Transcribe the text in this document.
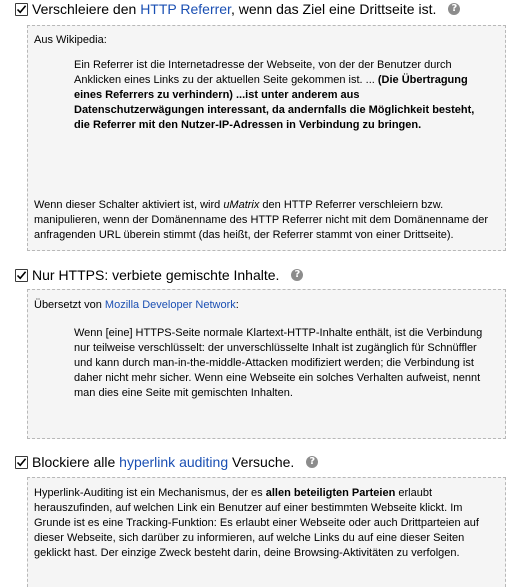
Verschleiere den HTTP Referrer, wenn das Ziel eine Drittseite ist.	?
Aus Wikipedia:
Ein Referrer ist die Internetadresse der Webseite, von der der Benutzer durch Anklicken eines Links zu der aktuellen Seite gekommen ist. ... (Die Übertragung eines Referrers zu verhindern) ...ist unter anderem aus Datenschutzerwägungen interessant, da andernfalls die Möglichkeit besteht, die Referrer mit den Nutzer-IP-Adressen in Verbindung zu bringen.
Wenn dieser Schalter aktiviert ist, wird uMatrix den HTTP Referrer verschleiern bzw. manipulieren, wenn der Domänenname des HTTP Referrer nicht mit dem Domänenname der anfragenden URL überein stimmt (das heißt, der Referrer stammt von einer Drittseite).
Nur HTTPS: verbiete gemischte Inhalte.	?
Übersetzt von Mozilla Developer Network:
Wenn [eine] HTTPS-Seite normale Klartext-HTTP-Inhalte enthält, ist die Verbindung nur teilweise verschlüsselt: der unverschlüsselte Inhalt ist zugänglich für Schnüffler und kann durch man-in-the-middle-Attacken modifiziert werden; die Verbindung ist daher nicht mehr sicher. Wenn eine Webseite ein solches Verhalten aufweist, nennt man dies eine Seite mit gemischten Inhalten.
Blockiere alle hyperlink auditing Versuche.	?
Hyperlink-Auditing ist ein Mechanismus, der es allen beteiligten Parteien erlaubt herauszufinden, auf welchen Link ein Benutzer auf einer bestimmten Webseite klickt. Im Grunde ist es eine Tracking-Funktion: Es erlaubt einer Webseite oder auch Drittparteien auf dieser Webseite, sich darüber zu informieren, auf welche Links du auf eine dieser Seiten geklickt hast. Der einzige Zweck besteht darin, deine Browsing-Aktivitäten zu verfolgen.
